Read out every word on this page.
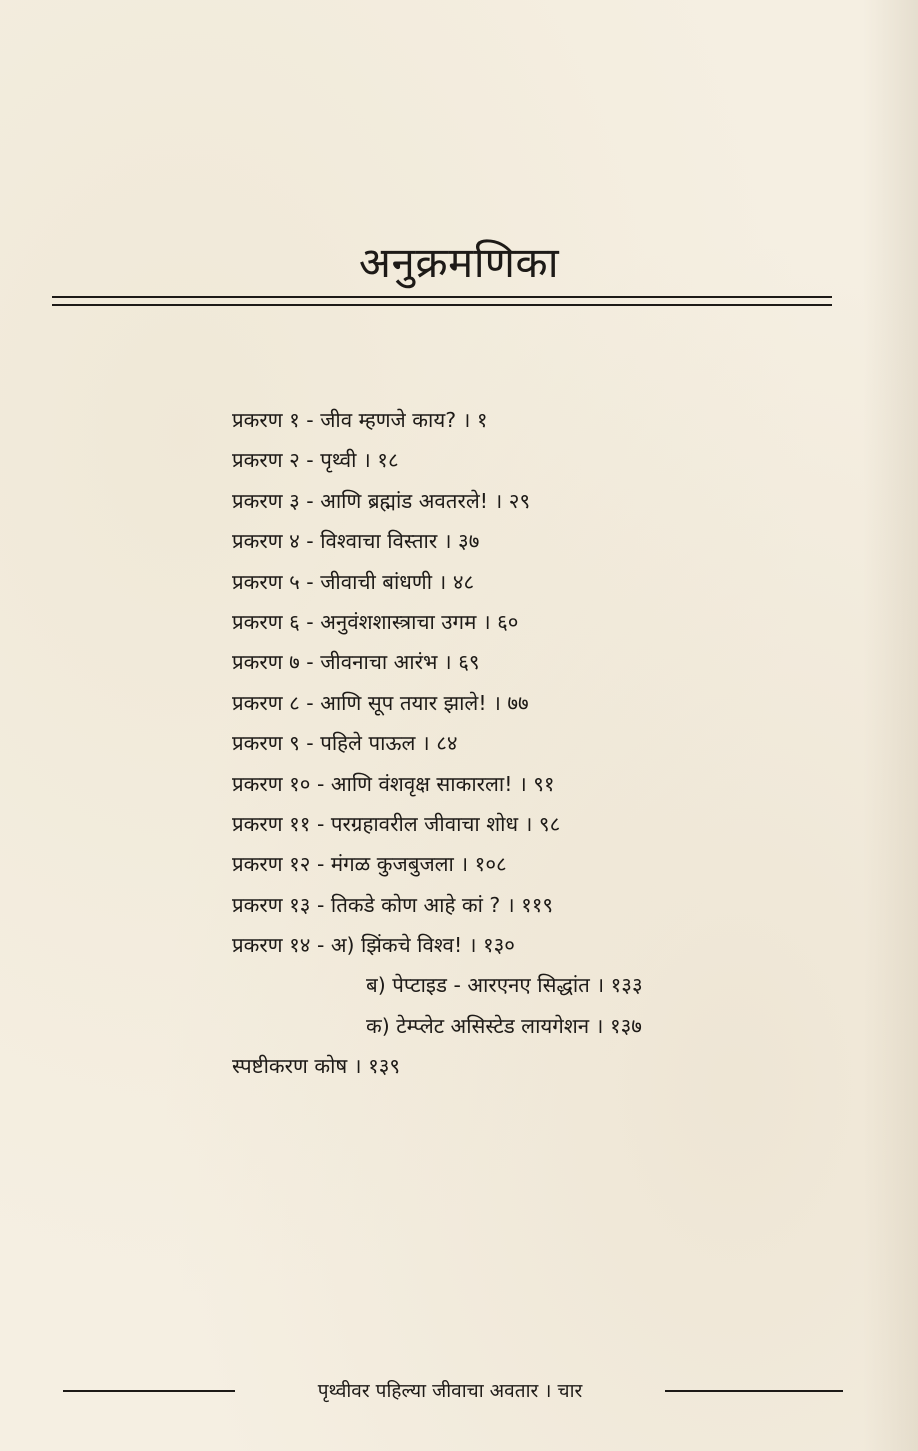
अनुक्रमणिका
प्रकरण १ - जीव म्हणजे काय? । १
प्रकरण २ - पृथ्वी । १८
प्रकरण ३ - आणि ब्रह्मांड अवतरले! । २९
प्रकरण ४ - विश्वाचा विस्तार । ३७
प्रकरण ५ - जीवाची बांधणी । ४८
प्रकरण ६ - अनुवंशशास्त्राचा उगम । ६०
प्रकरण ७ - जीवनाचा आरंभ । ६९
प्रकरण ८ - आणि सूप तयार झाले! । ७७
प्रकरण ९ - पहिले पाऊल । ८४
प्रकरण १० - आणि वंशवृक्ष साकारला! । ९१
प्रकरण ११ - परग्रहावरील जीवाचा शोध । ९८
प्रकरण १२ - मंगळ कुजबुजला । १०८
प्रकरण १३ - तिकडे कोण आहे कां ? । ११९
प्रकरण १४ - अ) झिंकचे विश्व! । १३०
ब) पेप्टाइड - आरएनए सिद्धांत । १३३
क) टेम्प्लेट असिस्टेड लायगेशन । १३७
स्पष्टीकरण कोष । १३९
पृथ्वीवर पहिल्या जीवाचा अवतार । चार
